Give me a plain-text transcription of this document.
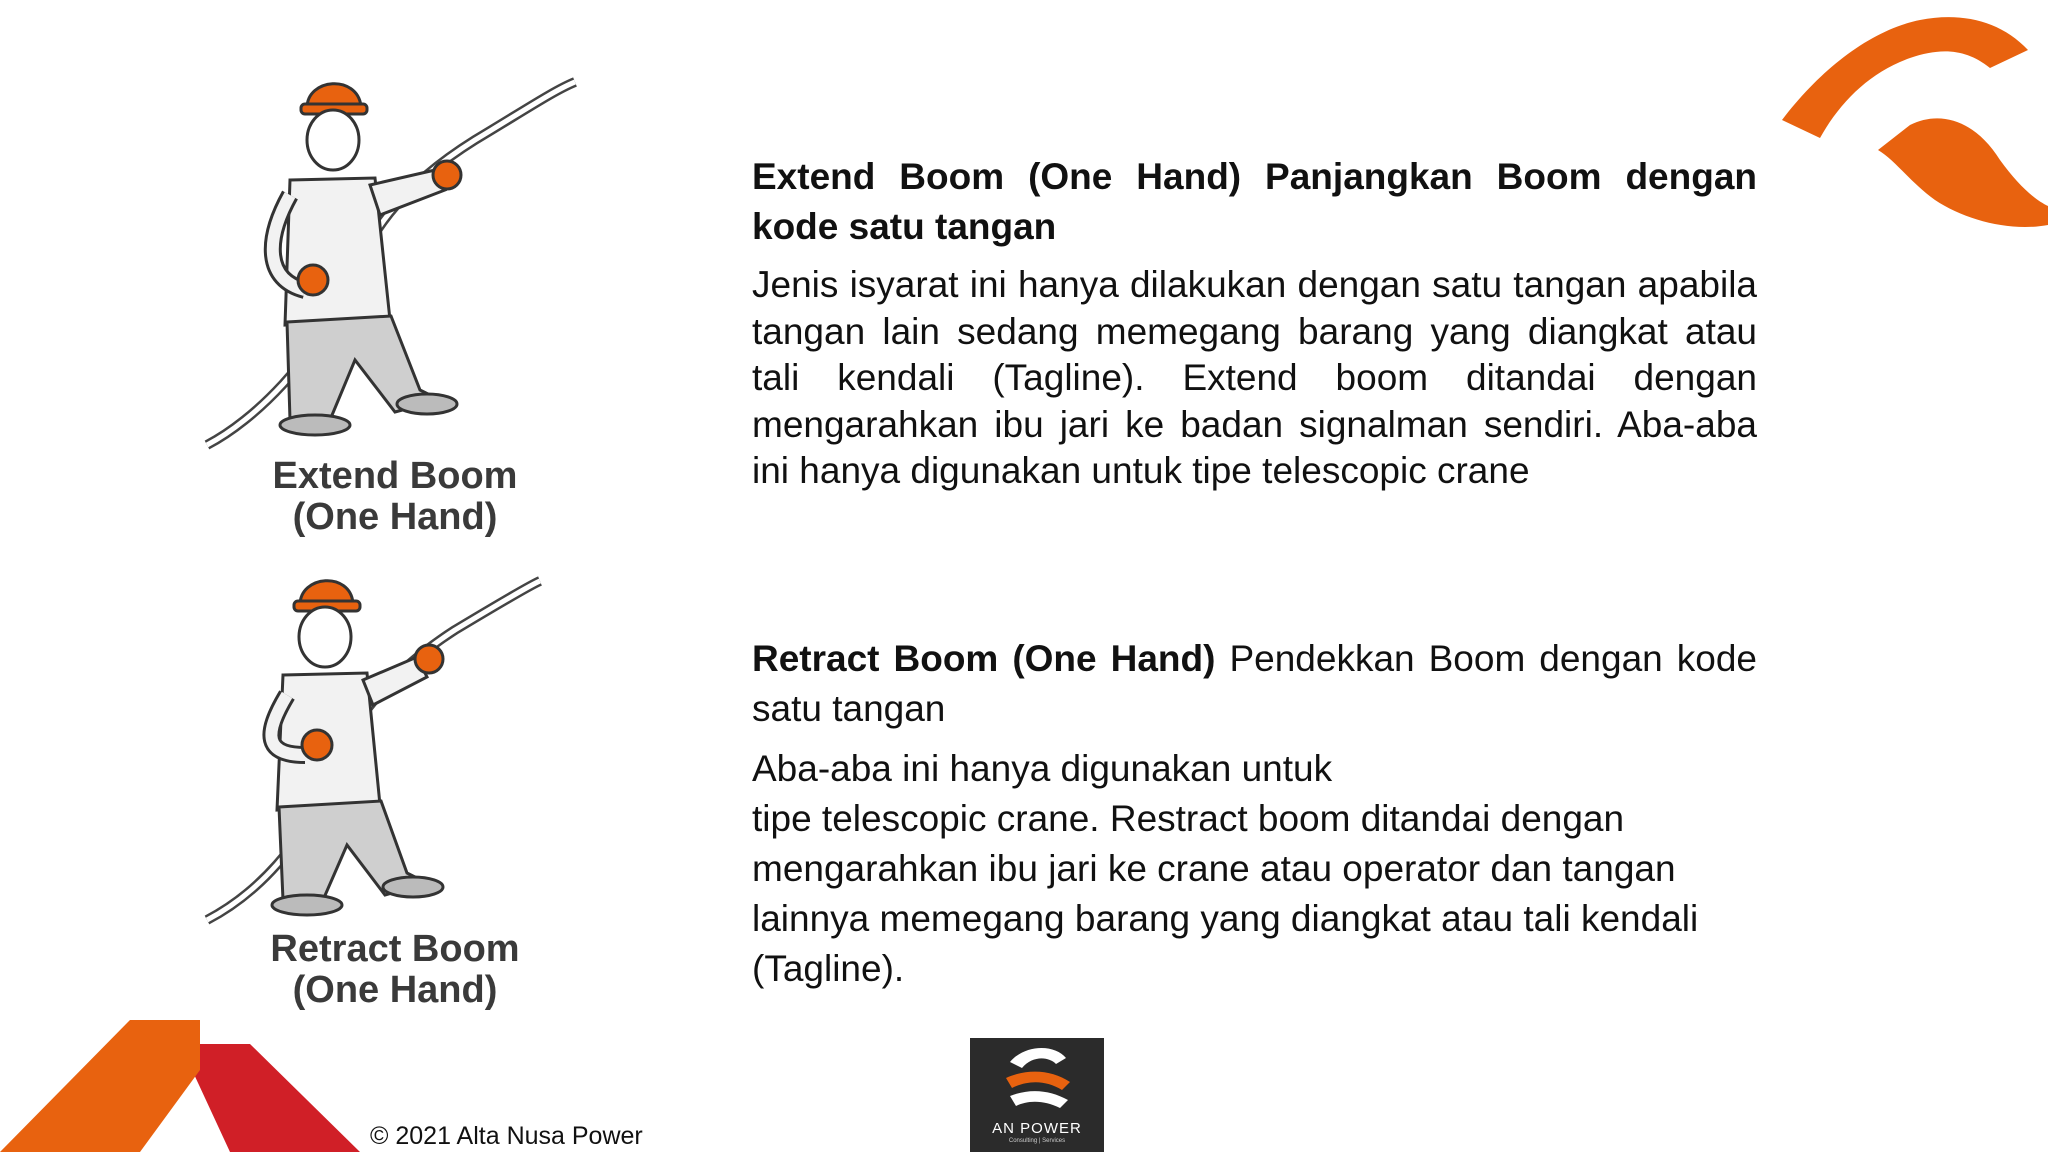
Extend Boom
(One Hand)
Retract Boom
(One Hand)

Extend Boom (One Hand) Panjangkan Boom dengan kode satu tangan

Jenis isyarat ini hanya dilakukan dengan satu tangan apabila tangan lain sedang memegang barang yang diangkat atau tali kendali (Tagline). Extend boom ditandai dengan mengarahkan ibu jari ke badan signalman sendiri. Aba-aba ini hanya digunakan untuk tipe telescopic crane

Retract Boom (One Hand) Pendekkan Boom dengan kode satu tangan

Aba-aba ini hanya digunakan untuk
tipe telescopic crane. Restract boom ditandai dengan
mengarahkan ibu jari ke crane atau operator dan tangan
lainnya memegang barang yang diangkat atau tali kendali
(Tagline).
© 2021 Alta Nusa Power	AN POWER
Consulting | Services
